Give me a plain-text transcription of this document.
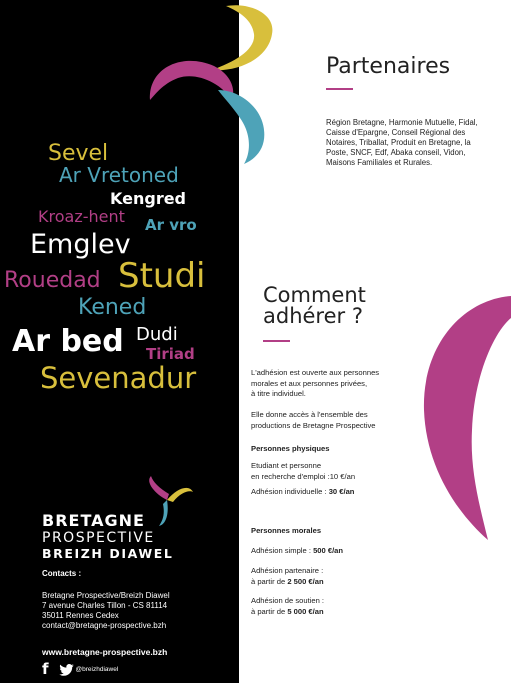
Sevel
Ar Vretoned
Kengred
Kroaz-hent Ar vro
Emglev
Rouedad Studi
Kened
Dudi
Ar bed Tiriad
Sevenadur
BRETAGNE
PROSPECTIVE
BREIZH DIAWEL
Contacts :
Bretagne Prospective/Breizh Diawel
7 avenue Charles Tillon - CS 81114
35011 Rennes Cedex
contact@bretagne-prospective.bzh
www.bretagne-prospective.bzh
f	@breizhdiawel
Partenaires
Région Bretagne, Harmonie Mutuelle, Fidal, Caisse d'Epargne, Conseil Régional des Notaires, Triballat, Produit en Bretagne, la Poste, SNCF, Edf, Abaka conseil, Vidon, Maisons Familiales et Rurales.
Comment
adhérer ?
L'adhésion est ouverte aux personnes
morales et aux personnes privées,
à titre individuel.
Elle donne accès à l'ensemble des
productions de Bretagne Prospective
Personnes physiques
Etudiant et personne
en recherche d'emploi :10 €/an
Adhésion individuelle : 30 €/an
Personnes morales
Adhésion simple : 500 €/an
Adhésion partenaire :
à partir de 2 500 €/an
Adhésion de soutien :
à partir de 5 000 €/an
